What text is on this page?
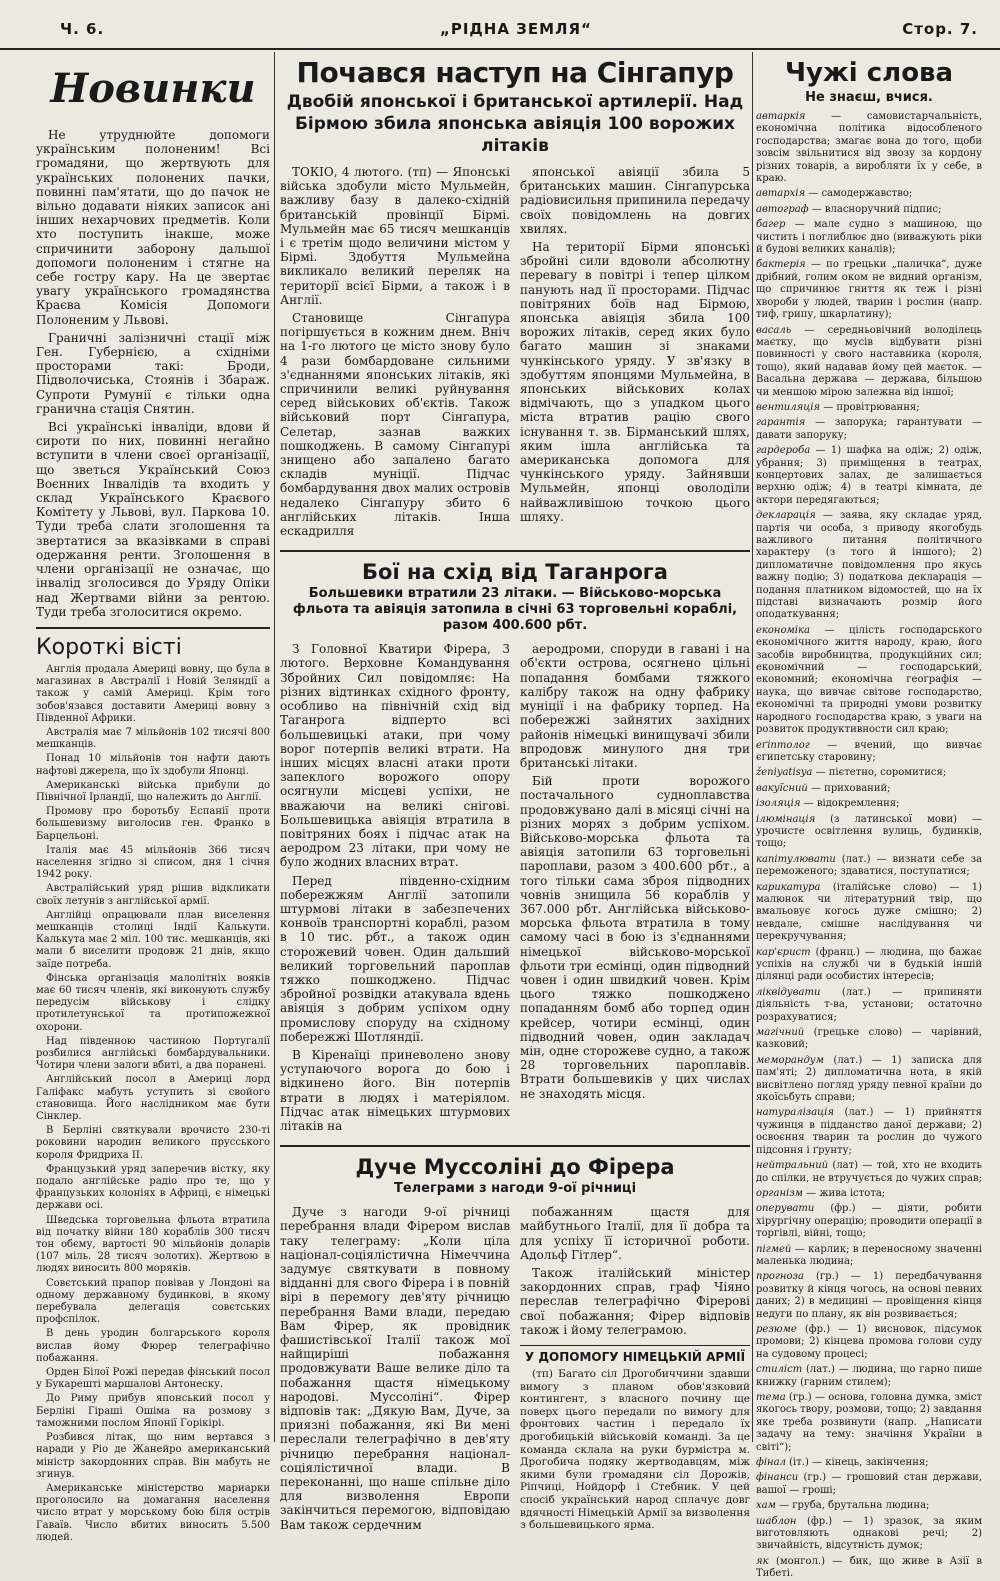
Ч. 6.	„РІДНА ЗЕМЛЯ“	Стор. 7.
Новинки

Не утруднюйте допомоги українським полоненим! Всі громадяни, що жертвують для українських полонених пачки, повинні пам'ятати, що до пачок не вільно додавати ніяких записок ані інших нехарчових предметів. Коли хто поступить інакше, може спричинити заборону дальшої допомоги полоненим і стягне на себе гостру кару. На це звертає увагу українського громадянства Краєва Комісія Допомоги Полоненим у Львові.

Граничні залізничні стації між Ген. Губернією, а східніми просторами такі: Броди, Підволочиська, Стоянів і Збараж. Супроти Румунії є тільки одна гранична стація Снятин.

Всі українські інваліди, вдови й сироти по них, повинні негайно вступити в члени своєї організації, що зветься Український Союз Воєнних Інвалідів та входить у склад Українського Краєвого Комітету у Львові, вул. Паркова 10. Туди треба слати зголошення та звертатися за вказівками в справі одержання ренти. Зголошення в члени організації не означає, що інвалід зголосився до Уряду Опіки над Жертвами війни за рентою. Туди треба зголоситися окремо.

Короткі вісті

Англія продала Америці вовну, що була в магазинах в Австралії і Новій Зеляндії а також у самій Америці. Крім того зобов'язався доставити Америці вовну з Південної Африки.

Австралія має 7 мільйонів 102 тисячі 800 мешканців.

Понад 10 мільйонів тон нафти дають нафтові джерела, що їх здобули Японці.

Американські війська прибули до Північної Ірландії, що належить до Англії.

Промову про боротьбу Еспанії проти большевизму виголосив ген. Франко в Барцельоні.

Італія має 45 мільйонів 366 тисяч населення згідно зі списом, дня 1 січня 1942 року.

Австралійський уряд рішив відкликати своїх летунів з англійської армії.

Англійці опрацювали план виселення мешканців столиці Індії Калькути. Калькута має 2 міл. 100 тис. мешканців, які мали б виселити продовж 21 днів, якщо заїде потреба.

Фінська організація малолітніх вояків має 60 тисяч членів, які виконують службу передусім військову і слідку протилетунської та протипожежної охорони.

Над південною частиною Португалії розбилися англійські бомбардувальники. Чотири члени залоги вбиті, а два поранені.

Англійський посол в Америці лорд Галіфакс мабуть уступить зі свойого становища. Його наслідником має бути Сінклер.

В Берліні святкували врочисто 230-ті роковини народин великого прусського короля Фридриха II.

Французький уряд заперечив вістку, яку подало англійське радіо про те, що у французьких колоніях в Африці, є німецькі держави осі.

Шведська торговельна фльота втратила від початку війни 180 кораблів 300 тисяч тон обєму, вартості 90 мільйонів доларів (107 міль. 28 тисяч золотих). Жертвою в людях виносить 800 моряків.

Совєтський прапор повівав у Лондоні на одному державному будинкові, в якому перебувала делегація совєтських профспілок.

В день уродин болгарського короля вислав йому Фюрер телеграфічно побажання.

Орден Білої Рожі передав фінський посол у Букарешті маршалові Антонеску.

До Риму прибув японський посол у Берліні Гіраші Ошіма на розмову з таможними послом Японії Горікірі.

Розбився літак, що ним вертався з наради у Ріо де Жанейро американський міністр закордонних справ. Він мабуть не згинув.

Американське міністерство мариарки проголосило на домагання населення число втрат у морському бою біля острів Гаваїв. Число вбитих виносить 5.500 людей.

Почався наступ на Сінгапур
Двобій японської і британської артилерії. Над Бірмою збила японська авіяція 100 ворожих літаків

ТОКІО, 4 лютого. (тп) — Японські війська здобули місто Мульмейн, важливу базу в далеко-східній британській провінції Бірмі. Мульмейн має 65 тисяч мешканців і є третім щодо величини містом у Бірмі. Здобуття Мульмейна викликало великий переляк на території всієї Бірми, а також і в Англії.

Становище Сінгапура погіршується в кожним днем. Вніч на 1-го лютого це місто знову було 4 рази бомбардоване сильними з'єднаннями японських літаків, які спричинили великі руйнування серед військових об'єктів. Також військовий порт Сінгапура, Селетар, зазнав важких пошкоджень. В самому Сінгапурі знищено або запалено багато складів муніції. Підчас бомбардування двох малих островів недалеко Сінгапуру збито 6 англійських літаків. Інша ескадрилля

японської авіяції збила 5 британських машин. Сінгапурська радіовисильня припинила передачу своїх повідомлень на довгих хвилях.

На території Бірми японські збройні сили вдоволи абсолютну перевагу в повітрі і тепер цілком панують над її просторами. Підчас повітряних боїв над Бірмою, японська авіяція збила 100 ворожих літаків, серед яких було багато машин зі знаками чункінського уряду. У зв'язку в здобуттям японцями Мульмейна, в японських військових колах відмічають, що з упадком цього міста втратив рацію свого існування т. зв. Бірманський шлях, яким ішла англійська та американська допомога для чункінського уряду. Зайнявши Мульмейн, японці оволоділи найважливішою точкою цього шляху.

Бої на схід від Таганрога
Большевики втратили 23 літаки. — Військово-морська фльота та авіяція затопила в січні 63 торговельні кораблі, разом 400.600 рбт.

З Головної Кватири Фірера, 3 лютого. Верховне Командування Збройних Сил повідомляє: На різних відтинках східного фронту, особливо на північній схід від Таганрога відперто всі большевицькі атаки, при чому ворог потерпів великі втрати. На інших місцях власні атаки проти запеклого ворожого опору осягнули місцеві успіхи, не вважаючи на великі снігові. Большевицька авіяція втратила в повітряних боях і підчас атак на аеродром 23 літаки, при чому не було жодних власних втрат.

Перед південно-східним побережжям Англії затопили штурмові літаки в забезпечених конвоїв транспортні кораблі, разом в 10 тис. рбт., а також один сторожевий човен. Один дальший великий торговельний пароплав тяжко пошкоджено. Підчас збройної розвідки атакувала вдень авіяція з добрим успіхом одну промислову споруду на східному побережжі Шотляндії.

В Кіренаїці приневолено знову уступаючого ворога до бою і відкинено його. Він потерпів втрати в людях і матеріялом. Підчас атак німецьких штурмових літаків на

аеродроми, споруди в гавані і на об'єкти острова, осягнено цільні попадання бомбами тяжкого калібру також на одну фабрику муніції і на фабрику торпед. На побережжі зайнятих західних районів німецькі винищувачі збили впродовж минулого дня три британські літаки.

Бій проти ворожого постачального судноплавства продовжувано далі в місяці січні на різних морях з добрим успіхом. Військово-морська фльота та авіяція затопили 63 торговельні пароплави, разом з 400.600 рбт., а того тільки сама зброя підводних човнів знищила 56 кораблів у 367.000 рбт. Англійська військово-морська фльота втратила в тому самому часі в бою із з'єднаннями німецької військово-морської фльоти три есмінці, один підводний човен і один швидкий човен. Крім цього тяжко пошкоджено попаданням бомб або торпед один крейсер, чотири есмінці, один підводний човен, один закладач мін, одне сторожеве судно, а також 28 торговельних пароплавів. Втрати большевиків у цих числах не знаходять місця.

Дуче Муссоліні до Фірера
Телеграми з нагоди 9-ої річниці

Дуче з нагоди 9-ої річниці перебрання влади Фірером вислав таку телеграму: „Коли ціла націонал-соціялістична Німеччина задумує святкувати в повному відданні для свого Фірера і в повній вірі в перемогу дев'яту річницю перебрання Вами влади, передаю Вам Фірер, як провідник фашистівської Італії також мої найщиріші побажання продовжувати Ваше велике діло та побажання щастя німецькому народові. Муссоліні“. Фірер відповів так: „Дякую Вам, Дуче, за приязні побажання, які Ви мені переслали телеграфічно в дев'яту річницю перебрання націонал-соціялістичної влади. В переконанні, що наше спільне діло для визволення Европи закінчиться перемогою, відповідаю Вам також сердечним

побажанням щастя для майбутнього Італії, для її добра та для успіху її історичної роботи. Адольф Гітлер“.

Також італійський міністер закордонних справ, граф Чіяно переслав телеграфічно Фірерові свої побажання; Фірер відповів також і йому телеграмою.

У ДОПОМОГУ НІМЕЦЬКІЙ АРМІЇ

(тп) Багато сіл Дрогобиччини здавши вимогу з планом обов'язковий контингент, з власного почину ще поверх цього передали по вимогу для фронтових частин і передало їх дрогобицькій військовій команді. За це команда склала на руки бурмістра м. Дрогобича подяку жертводавцям, між якими були громадяни сіл Дорожів, Ріпчиці, Нойдорф і Стебник. У цей спосіб український народ сплачує довг вдячності Німецькій Армії за визволення з большевицького ярма.

Чужі слова
Не знаєш, вчися.

автаркія — самовистарчальність, економічна політика відособленого господарства; змагає вона до того, щоби зовсім звільнитися від звозу за кордону різних товарів, а виробляти їх у себе, в краю.

автархія — самодержавство;

автограф — власноручний підпис;

багер — мале судно з машиною, що чистить і поглиблює дно (виважують ріки й будові великих каналів);

бактерія — по грецьки „паличка“, дуже дрібний, голим оком не видний організм, що спричинює гниття як теж і різні хвороби у людей, тварин і рослин (напр. тиф, грипу, шкарлатину);

васаль — середньовічний володілець маєтку, що мусів відбувати різні повинності у свого наставника (короля, тощо), який надавав йому цей маєток. — Васальна держава — держава, більшою чи меншою мірою залежна від іншої;

вентиляція — провітрювання;

гарантія — запорука; гарантувати — давати запоруку;

гардероба — 1) шафка на одіж; 2) одіж, убрання; 3) приміщення в театрах, концертових залах, де залишається верхню одіж; 4) в театрі кімната, де актори передягаються;

декларація — заява, яку складає уряд, партія чи особа, з приводу якогобудь важливого питання політичного характеру (з того й іншого); 2) дипломатичне повідомлення про якусь важну подію; 3) податкова декларація — подання платником відомостей, що на їх підставі визначають розмір його оподаткування;

економіка — цілість господарського економічного життя народу, краю, його засобів виробництва, продукційних сил; економічний — господарський, економний; економічна географія — наука, що вивчає світове господарство, економічні та природні умови розвитку народного господарства краю, з уваги на розвиток продуктивности сил краю;

еґіптолог — вчений, що вивчає єгипетську старовину;

ženiyatisya — пієтетно, соромитися;

вакуїсний — прихований;

ізоляція — відокремлення;

ілюмінація (з латинської мови) — урочисте освітлення вулиць, будинків, тощо;

капітулювати (лат.) — визнати себе за переможеного; здаватися, поступатися;

карикатура (італійське слово) — 1) малюнок чи літературний твір, що вмальовує когось дуже смішно; 2) невдале, смішне наслідування чи перекручування;

кар'єрист (франц.) — людина, що бажає успіхів на службі чи в будькій іншій ділянці ради особистих інтересів;

ліквідувати (лат.) — припиняти діяльність т-ва, установи; остаточно розрахуватися;

магічний (грецьке слово) — чарівний, казковий;

меморандум (лат.) — 1) записка для пам'яті; 2) дипломатична нота, в якій висвітлено погляд уряду певної країни до якоїсьбуть справи;

натуралізація (лат.) — 1) прийняття чужинця в підданство даної держави; 2) освоєння тварин та рослин до чужого підсоння і ґрунту;

нейтральний (лат) — той, хто не входить до спілки, не втручується до чужих справ;

організм — жива істота;

оперувати (фр.) — діяти, робити хірургічну операцію; проводити операції в торгівлі, війні, тощо;

пігмей — карлик; в переносному значенні маленька людина;

прогноза (гр.) — 1) передбачування розвитку й кінця чогось, на основі певних даних; 2) в медицині — провіщення кінця недуги по плану, як він розвивається;

резюме (фр.) — 1) висновок, підсумок промови; 2) кінцева промова голови суду на судовому процесі;

стиліст (лат.) — людина, що гарно пише книжку (гарним стилем);

тема (гр.) — основа, головна думка, зміст якогось твору, розмови, тощо; 2) завдання яке треба розвинути (напр. „Написати задачу на тему: значіння України в світі“);

фінал (іт.) — кінець, закінчення;

фінанси (гр.) — грошовий стан держави, вашої — гроші;

хам — груба, брутальна людина;

шаблон (фр.) — 1) зразок, за яким виготовляють однакові речі; 2) звичайність, відсутність думок;

як (монгол.) — бик, що живе в Азії в Тибеті.
